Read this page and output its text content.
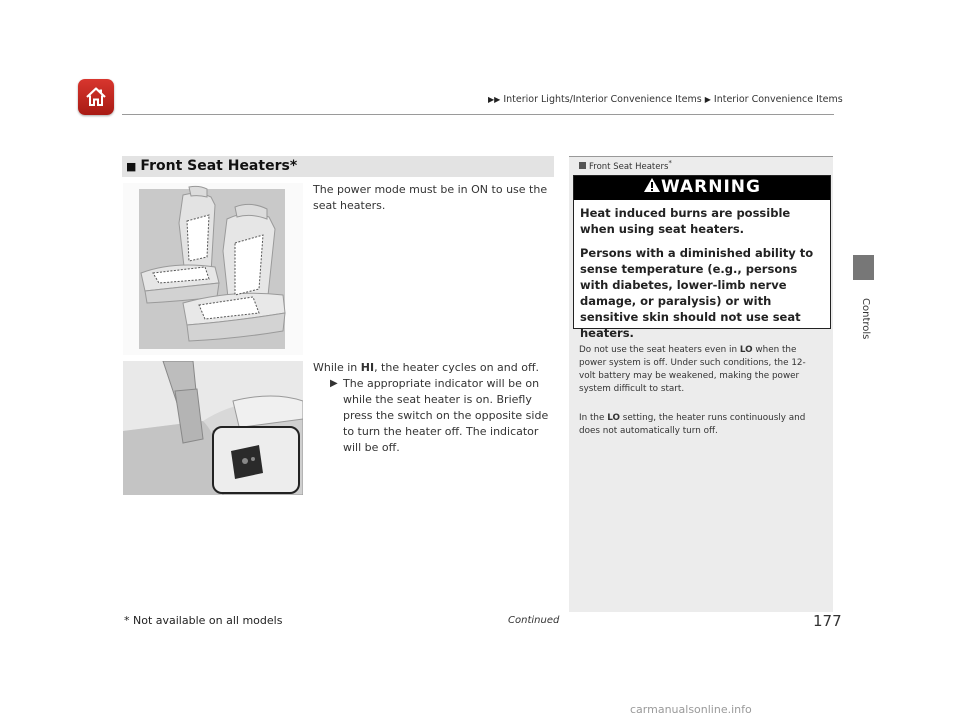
▶▶ Interior Lights/Interior Convenience Items ▶ Interior Convenience Items
Controls
■ Front Seat Heaters*
The power mode must be in ON to use the seat heaters.
While in HI, the heater cycles on and off.
▶ The appropriate indicator will be on while the seat heater is on. Briefly press the switch on the opposite side to turn the heater off. The indicator will be off.
Front Seat Heaters*
WARNING
Heat induced burns are possible when using seat heaters.
Persons with a diminished ability to sense temperature (e.g., persons with diabetes, lower-limb nerve damage, or paralysis) or with sensitive skin should not use seat heaters.
Do not use the seat heaters even in LO when the power system is off. Under such conditions, the 12-volt battery may be weakened, making the power system difficult to start.
In the LO setting, the heater runs continuously and does not automatically turn off.
* Not available on all models	Continued	177
carmanualsonline.info
